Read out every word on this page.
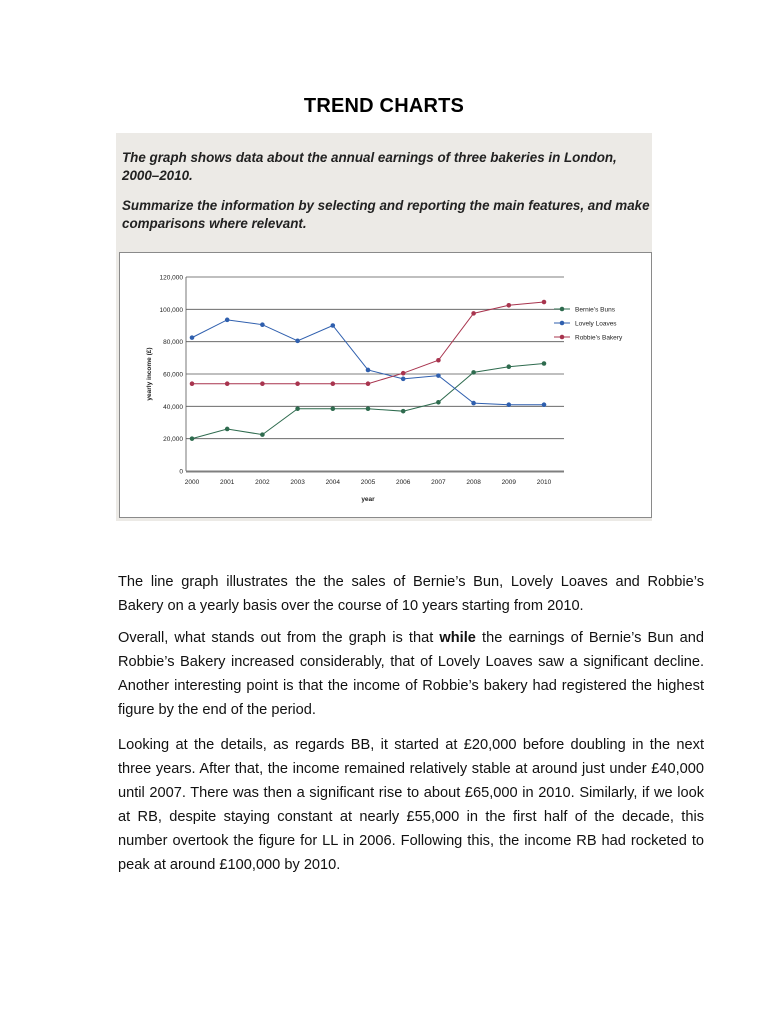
TREND CHARTS
The graph shows data about the annual earnings of three bakeries in London, 2000–2010.
Summarize the information by selecting and reporting the main features, and make comparisons where relevant.
0
20,000
40,000
60,000
80,000
100,000
120,000
2000	2001	2002	2003	2004	2005	2006	2007	2008	2009	2010
year
yearly income (£)
Bernie’s Buns
Lovely Loaves
Robbie’s Bakery
The line graph illustrates the the sales of Bernie’s Bun, Lovely Loaves and Robbie’s Bakery on a yearly basis over the course of 10 years starting from 2010.
Overall, what stands out from the graph is that while the earnings of Bernie’s Bun and Robbie’s Bakery increased considerably, that of Lovely Loaves saw a significant decline. Another interesting point is that the income of Robbie’s bakery had registered the highest figure by the end of the period.
Looking at the details, as regards BB, it started at £20,000 before doubling in the next three years. After that, the income remained relatively stable at around just under £40,000 until 2007. There was then a significant rise to about £65,000 in 2010. Similarly, if we look at RB, despite staying constant at nearly £55,000 in the first half of the decade, this number overtook the figure for LL in 2006. Following this, the income RB had rocketed to peak at around £100,000 by 2010.
